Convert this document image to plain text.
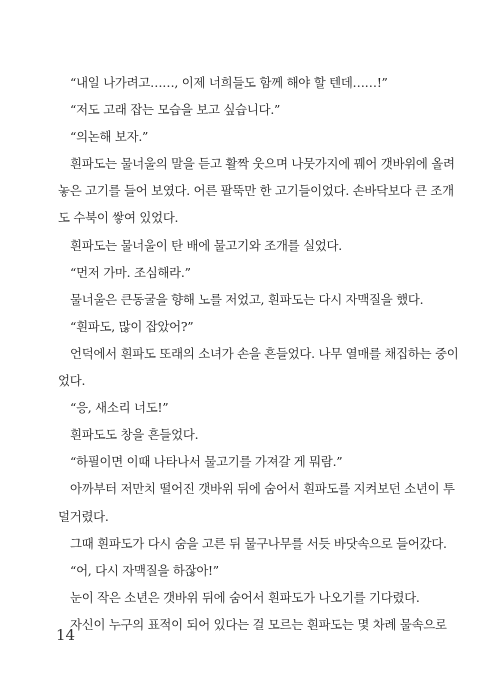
“내일 나가려고……, 이제 너희들도 함께 해야 할 텐데……!”
“저도 고래 잡는 모습을 보고 싶습니다.”
“의논해 보자.”
흰파도는 물너울의 말을 듣고 활짝 웃으며 나뭇가지에 꿰어 갯바위에 올려
놓은 고기를 들어 보였다. 어른 팔뚝만 한 고기들이었다. 손바닥보다 큰 조개
도 수북이 쌓여 있었다.
흰파도는 물너울이 탄 배에 물고기와 조개를 실었다.
“먼저 가마. 조심해라.”
물너울은 큰동굴을 향해 노를 저었고, 흰파도는 다시 자맥질을 했다.
“흰파도, 많이 잡았어?”
언덕에서 흰파도 또래의 소녀가 손을 흔들었다. 나무 열매를 채집하는 중이
었다.
“응, 새소리 너도!”
흰파도도 창을 흔들었다.
“하필이면 이때 나타나서 물고기를 가져갈 게 뭐람.”
아까부터 저만치 떨어진 갯바위 뒤에 숨어서 흰파도를 지켜보던 소년이 투
덜거렸다.
그때 흰파도가 다시 숨을 고른 뒤 물구나무를 서듯 바닷속으로 들어갔다.
“어, 다시 자맥질을 하잖아!”
눈이 작은 소년은 갯바위 뒤에 숨어서 흰파도가 나오기를 기다렸다.
자신이 누구의 표적이 되어 있다는 걸 모르는 흰파도는 몇 차례 물속으로
14
